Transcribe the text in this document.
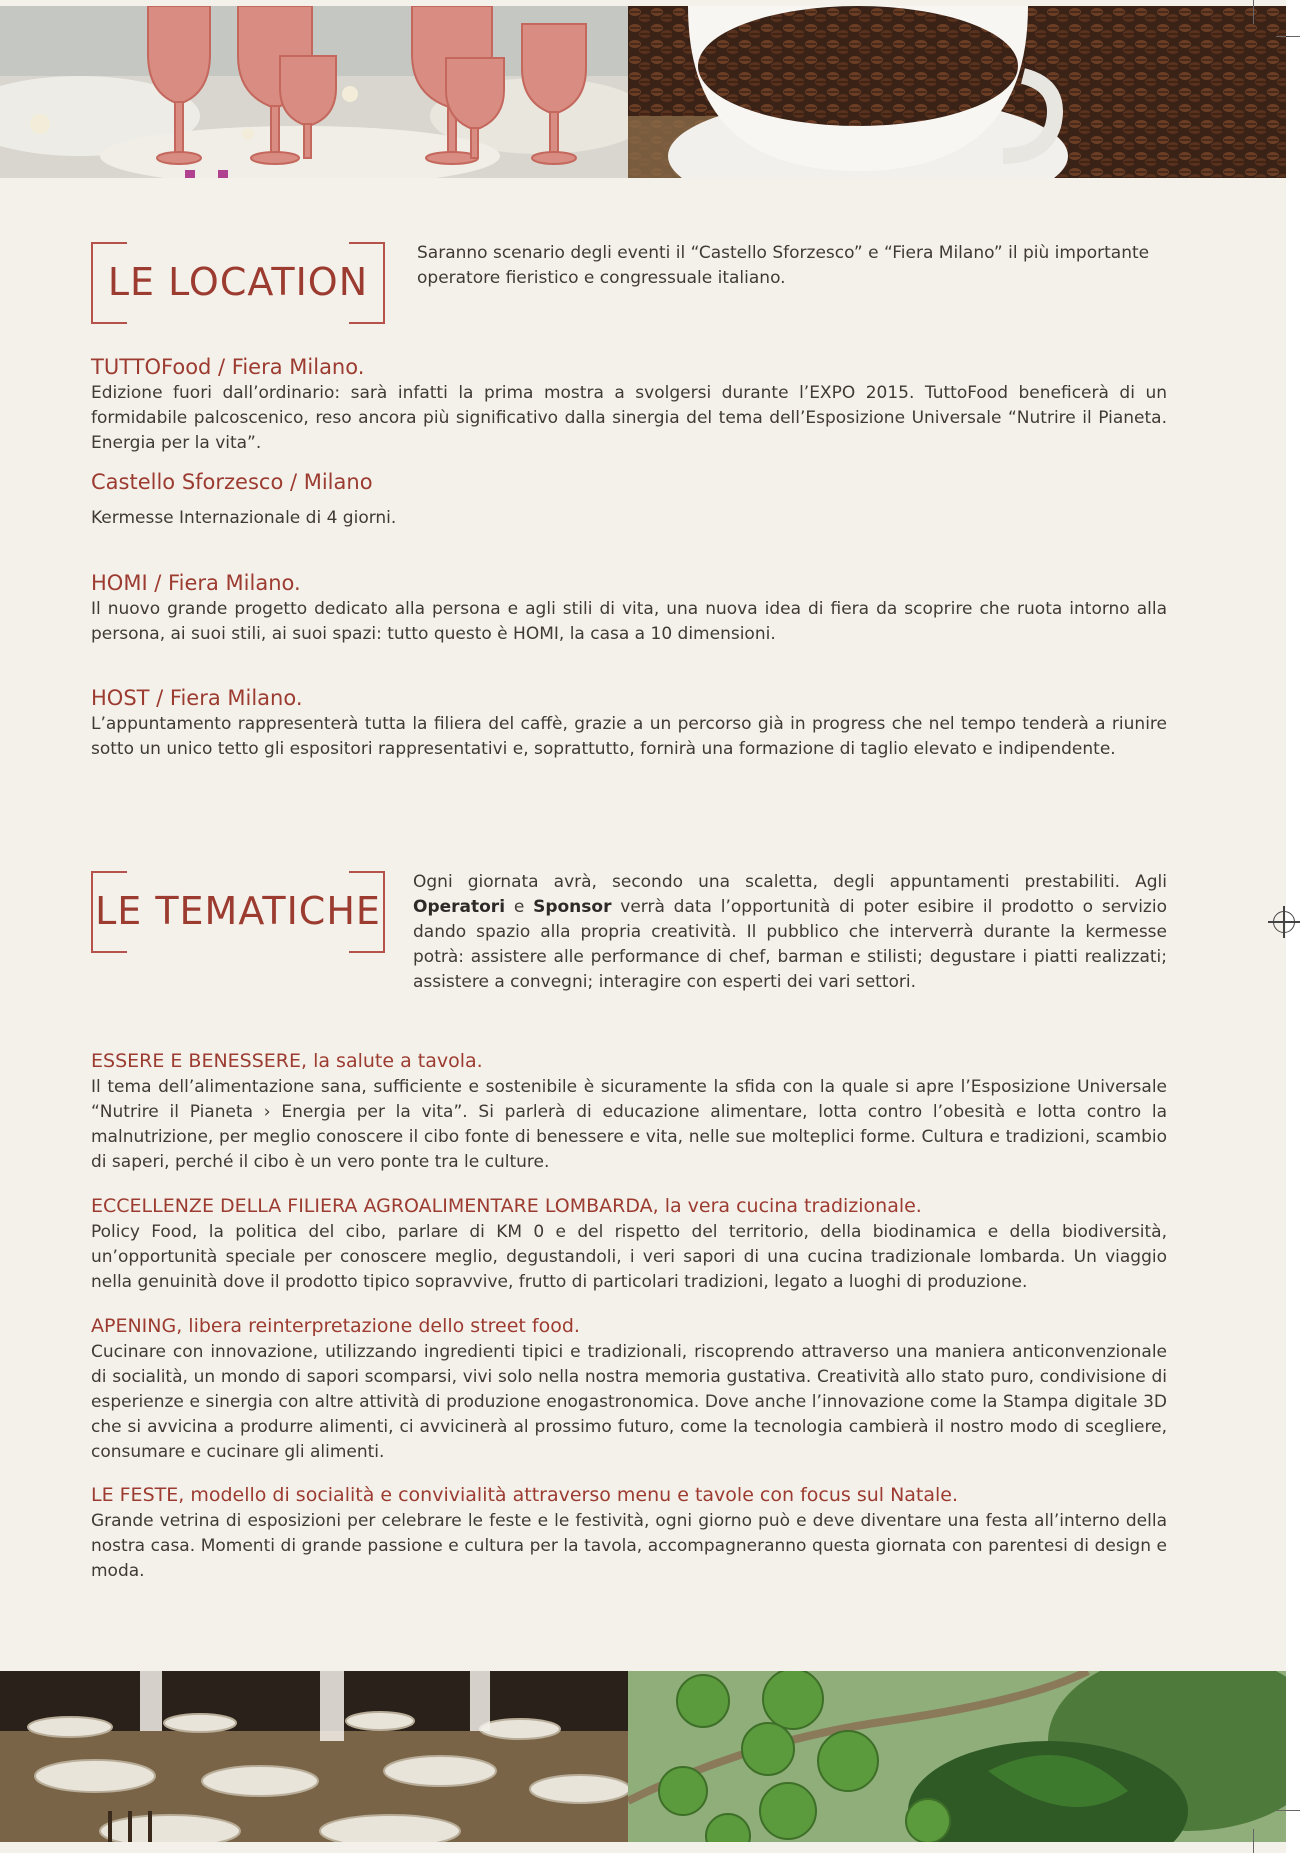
LE LOCATION
Saranno scenario degli eventi il “Castello Sforzesco” e “Fiera Milano” il più importante operatore fieristico e congressuale italiano.
TUTTOFood / Fiera Milano.

Edizione fuori dall’ordinario: sarà infatti la prima mostra a svolgersi durante l’EXPO 2015. TuttoFood beneficerà di un formidabile palcoscenico, reso ancora più significativo dalla sinergia del tema dell’Esposizione Universale “Nutrire il Pianeta. Energia per la vita”.

Castello Sforzesco / Milano

Kermesse Internazionale di 4 giorni.

HOMI / Fiera Milano.

Il nuovo grande progetto dedicato alla persona e agli stili di vita, una nuova idea di fiera da scoprire che ruota intorno alla persona, ai suoi stili, ai suoi spazi: tutto questo è HOMI, la casa a 10 dimensioni.

HOST / Fiera Milano.

L’appuntamento rappresenterà tutta la filiera del caffè, grazie a un percorso già in progress che nel tempo tenderà a riunire sotto un unico tetto gli espositori rappresentativi e, soprattutto, fornirà una formazione di taglio elevato e indipendente.

LE TEMATICHE
Ogni giornata avrà, secondo una scaletta, degli appuntamenti prestabiliti. Agli Operatori e Sponsor verrà data l’opportunità di poter esibire il prodotto o servizio dando spazio alla propria creatività. Il pubblico che interverrà durante la kermesse potrà: assistere alle performance di chef, barman e stilisti; degustare i piatti realizzati; assistere a convegni; interagire con esperti dei vari settori.
ESSERE E BENESSERE, la salute a tavola.

Il tema dell’alimentazione sana, sufficiente e sostenibile è sicuramente la sfida con la quale si apre l’Esposizione Universale “Nutrire il Pianeta › Energia per la vita”. Si parlerà di educazione alimentare, lotta contro l’obesità e lotta contro la malnutrizione, per meglio conoscere il cibo fonte di benessere e vita, nelle sue molteplici forme. Cultura e tradizioni, scambio di saperi, perché il cibo è un vero ponte tra le culture.

ECCELLENZE DELLA FILIERA AGROALIMENTARE LOMBARDA, la vera cucina tradizionale.

Policy Food, la politica del cibo, parlare di KM 0 e del rispetto del territorio, della biodinamica e della biodiversità, un’opportunità speciale per conoscere meglio, degustandoli, i veri sapori di una cucina tradizionale lombarda. Un viaggio nella genuinità dove il prodotto tipico sopravvive, frutto di particolari tradizioni, legato a luoghi di produzione.

APENING, libera reinterpretazione dello street food.

Cucinare con innovazione, utilizzando ingredienti tipici e tradizionali, riscoprendo attraverso una maniera anticonvenzionale di socialità, un mondo di sapori scomparsi, vivi solo nella nostra memoria gustativa. Creatività allo stato puro, condivisione di esperienze e sinergia con altre attività di produzione enogastronomica. Dove anche l’innovazione come la Stampa digitale 3D che si avvicina a produrre alimenti, ci avvicinerà al prossimo futuro, come la tecnologia cambierà il nostro modo di scegliere, consumare e cucinare gli alimenti.

LE FESTE, modello di socialità e convivialità attraverso menu e tavole con focus sul Natale.

Grande vetrina di esposizioni per celebrare le feste e le festività, ogni giorno può e deve diventare una festa all’interno della nostra casa. Momenti di grande passione e cultura per la tavola, accompagneranno questa giornata con parentesi di design e moda.
